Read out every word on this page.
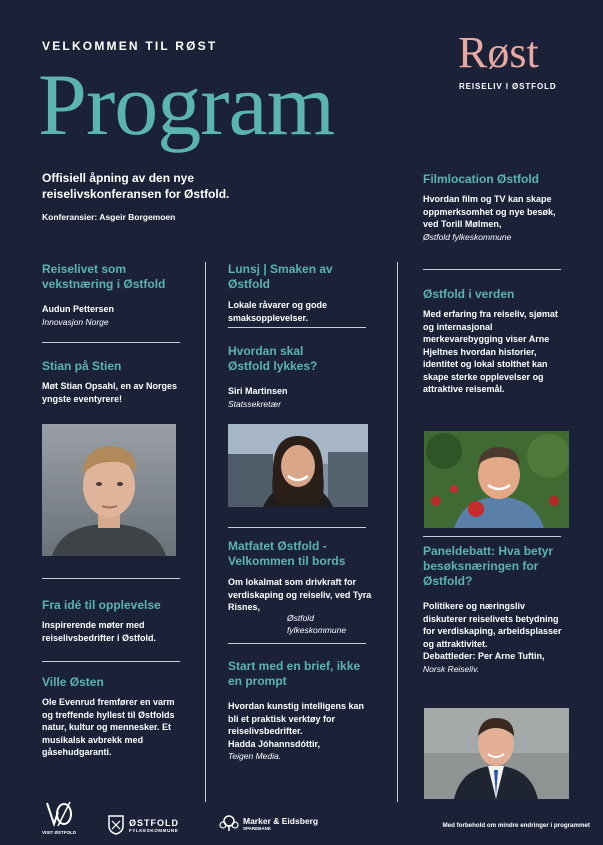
VELKOMMEN TIL RØST
Program
Røst
REISELIV I ØSTFOLD
Offisiell åpning av den nye reiselivskonferansen for Østfold.
Konferansier: Asgeir Borgemoen
Reiselivet som vekstnæring i Østfold
Audun Pettersen
Innovasjon Norge
Stian på Stien
Møt Stian Opsahl, en av Norges yngste eventyrere!
Fra idé til opplevelse
Inspirerende møter med reiselivsbedrifter i Østfold.
Ville Østen
Ole Evenrud fremfører en varm og treffende hyllest til Østfolds natur, kultur og mennesker. Et musikalsk avbrekk med gåsehudgaranti.
Lunsj | Smaken av Østfold
Lokale råvarer og gode smaksopplevelser.
Hvordan skal Østfold lykkes?
Siri Martinsen
Statssekretær
Matfatet Østfold - Velkommen til bords
Om lokalmat som drivkraft for verdiskaping og reiseliv, ved Tyra Risnes,
Østfold fylkeskommune
Start med en brief, ikke en prompt
Hvordan kunstig intelligens kan bli et praktisk verktøy for reiselivsbedrifter.
Hadda Jóhannsdóttir,
Teigen Media.
Filmlocation Østfold
Hvordan film og TV kan skape oppmerksomhet og nye besøk, ved Torill Mølmen,
Østfold fylkeskommune
Østfold i verden
Med erfaring fra reiseliv, sjømat og internasjonal merkevarebygging viser Arne Hjeltnes hvordan historier, identitet og lokal stolthet kan skape sterke opplevelser og attraktive reisemål.
Paneldebatt: Hva betyr besøksnæringen for Østfold?
Politikere og næringsliv diskuterer reiselivets betydning for verdiskaping, arbeidsplasser og attraktivitet.
Debattleder: Per Arne Tuftin,
Norsk Reiseliv.
VISIT ØSTFOLD
ØSTFOLD
FYLKESKOMMUNE
Marker & Eidsberg
SPAREBANK	Med forbehold om mindre endringer i programmet
